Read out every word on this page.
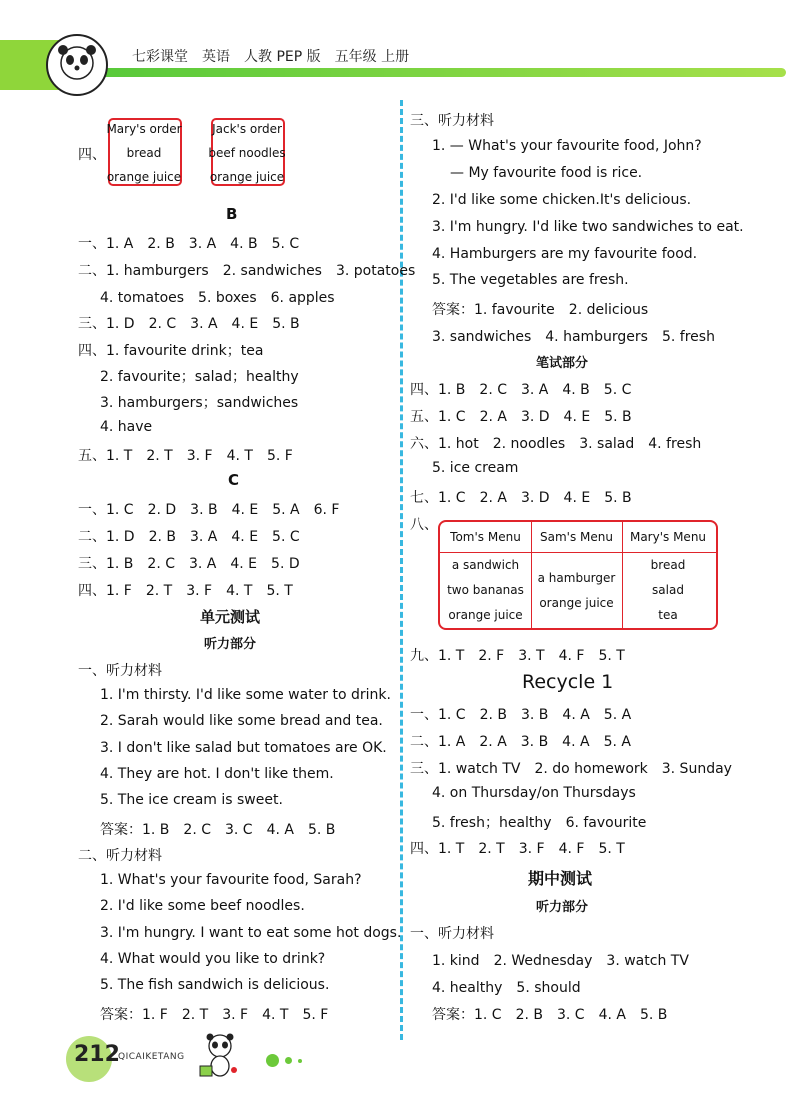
七彩课堂　英语　人教 PEP 版　五年级 上册
四、
Mary's order
bread
orange juice
Jack's order
beef noodles
orange juice
B
一、1. A　2. B　3. A　4. B　5. C
二、1. hamburgers　2. sandwiches　3. potatoes
4. tomatoes　5. boxes　6. apples
三、1. D　2. C　3. A　4. E　5. B
四、1. favourite drink；tea
2. favourite；salad；healthy
3. hamburgers；sandwiches
4. have
五、1. T　2. T　3. F　4. T　5. F
C
一、1. C　2. D　3. B　4. E　5. A　6. F
二、1. D　2. B　3. A　4. E　5. C
三、1. B　2. C　3. A　4. E　5. D
四、1. F　2. T　3. F　4. T　5. T
单元测试
听力部分
一、听力材料
1. I'm thirsty. I'd like some water to drink.
2. Sarah would like some bread and tea.
3. I don't like salad but tomatoes are OK.
4. They are hot. I don't like them.
5. The ice cream is sweet.
答案：1. B　2. C　3. C　4. A　5. B
二、听力材料
1. What's your favourite food, Sarah?
2. I'd like some beef noodles.
3. I'm hungry. I want to eat some hot dogs.
4. What would you like to drink?
5. The fish sandwich is delicious.
答案：1. F　2. T　3. F　4. T　5. F
三、听力材料
1. — What's your favourite food, John?
— My favourite food is rice.
2. I'd like some chicken.It's delicious.
3. I'm hungry. I'd like two sandwiches to eat.
4. Hamburgers are my favourite food.
5. The vegetables are fresh.
答案：1. favourite　2. delicious
3. sandwiches　4. hamburgers　5. fresh
笔试部分
四、1. B　2. C　3. A　4. B　5. C
五、1. C　2. A　3. D　4. E　5. B
六、1. hot　2. noodles　3. salad　4. fresh
5. ice cream
七、1. C　2. A　3. D　4. E　5. B
八、
Tom's Menu	Sam's Menu	Mary's Menu
a sandwich
two bananas
orange juice
a hamburger
orange juice
bread
salad
tea
九、1. T　2. F　3. T　4. F　5. T
Recycle 1
一、1. C　2. B　3. B　4. A　5. A
二、1. A　2. A　3. B　4. A　5. A
三、1. watch TV　2. do homework　3. Sunday
4. on Thursday/on Thursdays
5. fresh；healthy　6. favourite
四、1. T　2. T　3. F　4. F　5. T
期中测试
听力部分
一、听力材料
1. kind　2. Wednesday　3. watch TV
4. healthy　5. should
答案：1. C　2. B　3. C　4. A　5. B
212
QICAIKETANG
